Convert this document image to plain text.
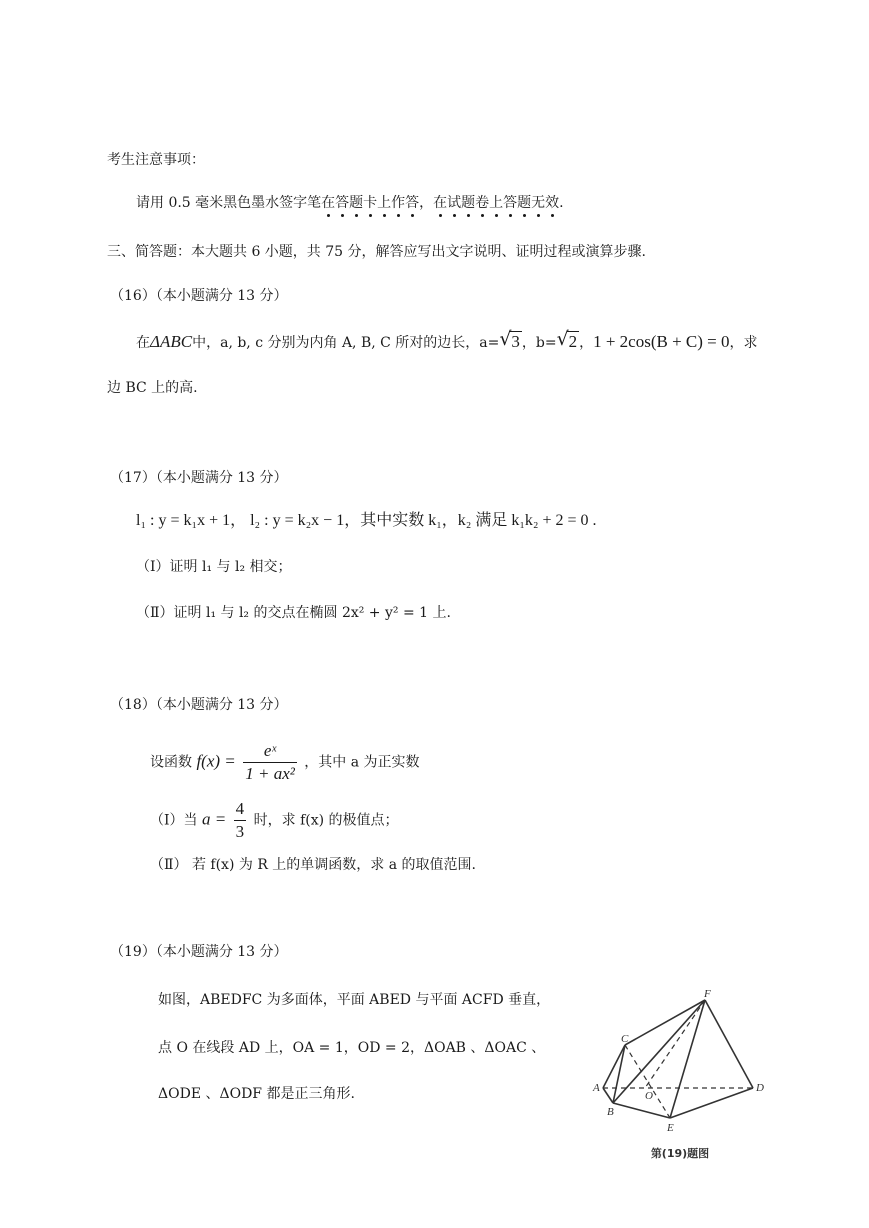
考生注意事项：
请用 0.5 毫米黑色墨水签字笔在答题卡上作答，在试题卷上答题无效.
三、简答题：本大题共 6 小题，共 75 分，解答应写出文字说明、证明过程或演算步骤.
（16）（本小题满分 13 分）
在ΔABC中，a, b, c 分别为内角 A, B, C 所对的边长，a= √ 3 ，b= √ 2 ，1 + 2cos(B + C) = 0，求
边 BC 上的高.
（17）（本小题满分 13 分）
l₁ : y = k₁x + 1， l₂ : y = k₂x − 1，其中实数 k₁，k₂ 满足 k₁k₂ + 2 = 0 .
（Ⅰ）证明 l₁ 与 l₂ 相交；
（Ⅱ）证明 l₁ 与 l₂ 的交点在椭圆 2x² + y² = 1 上.
（18）（本小题满分 13 分）
设函数 $f(x) = \frac{\text{eˣ}}{\text{1 + ax²}}$ ，其中 a 为正实数
（Ⅰ）当 $a = \frac{4}{3}$ 时，求 f(x) 的极值点；
（Ⅱ） 若 f(x) 为 R 上的单调函数，求 a 的取值范围.
（19）（本小题满分 13 分）
如图，ABEDFC 为多面体，平面 ABED 与平面 ACFD 垂直，
点 O 在线段 AD 上，OA = 1，OD = 2，ΔOAB 、ΔOAC 、
ΔODE 、ΔODF 都是正三角形.
F
C
A	D
B
E
O
第(19)题图
